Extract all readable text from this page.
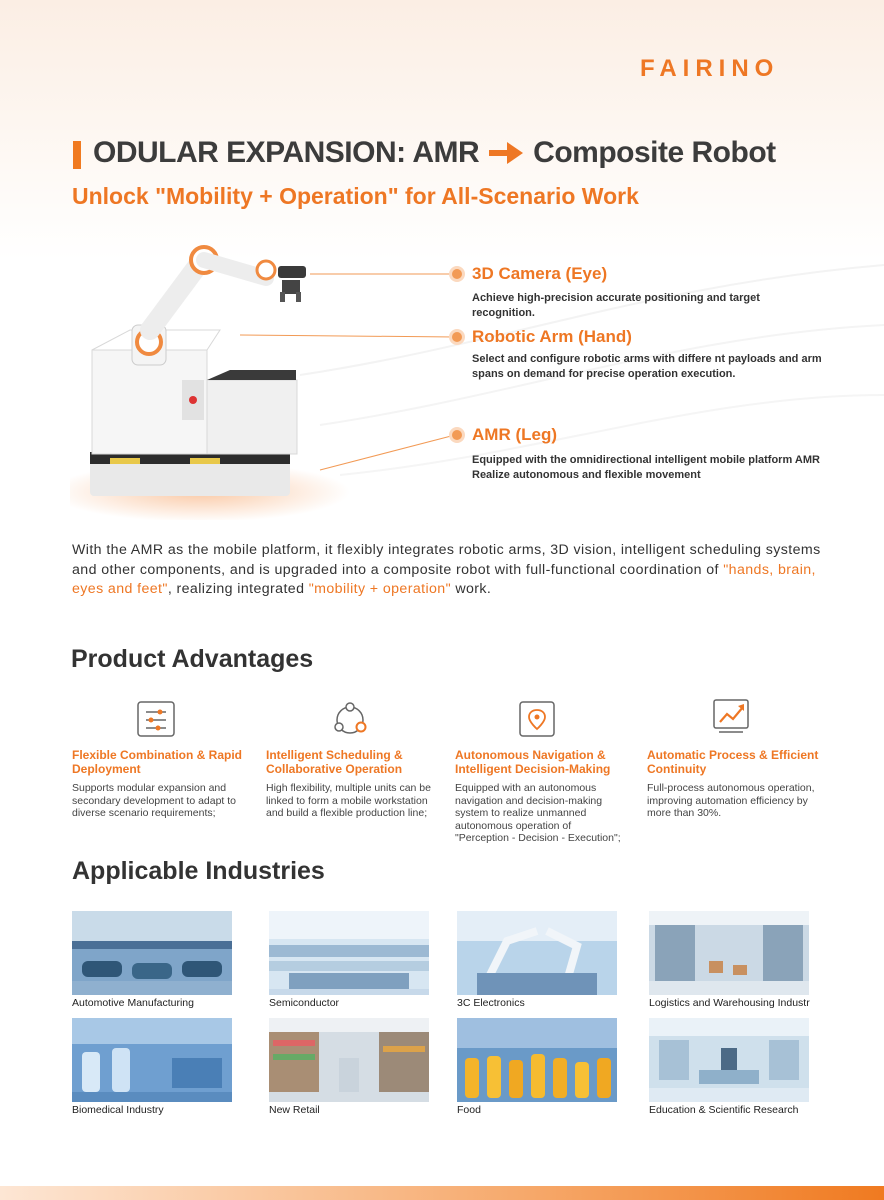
FAIRINO
ODULAR EXPANSION: AMR Composite Robot
Unlock "Mobility + Operation" for All-Scenario Work
3D Camera (Eye)
Achieve high-precision accurate positioning and target recognition.
Robotic Arm (Hand)
Select and configure robotic arms with differe nt payloads and arm spans on demand for precise operation execution.
AMR (Leg)
Equipped with the omnidirectional intelligent mobile platform AMR Realize autonomous and flexible movement
With the AMR as the mobile platform, it flexibly integrates robotic arms, 3D vision, intelligent scheduling systems and other components, and is upgraded into a composite robot with full-functional coordination of "hands, brain, eyes and feet", realizing integrated "mobility + operation" work.
Product Advantages
Flexible Combination & Rapid Deployment
Supports modular expansion and secondary development to adapt to diverse scenario requirements;
Intelligent Scheduling & Collaborative Operation
High flexibility, multiple units can be linked to form a mobile workstation and build a flexible production line;
Autonomous Navigation & Intelligent Decision-Making
Equipped with an autonomous navigation and decision-making system to realize unmanned autonomous operation of "Perception - Decision - Execution";
Automatic Process & Efficient Continuity
Full-process autonomous operation, improving automation efficiency by more than 30%.
Applicable Industries
Automotive Manufacturing	Semiconductor	3C Electronics	Logistics and Warehousing Industr
Biomedical Industry	New Retail	Food	Education & Scientific Research
